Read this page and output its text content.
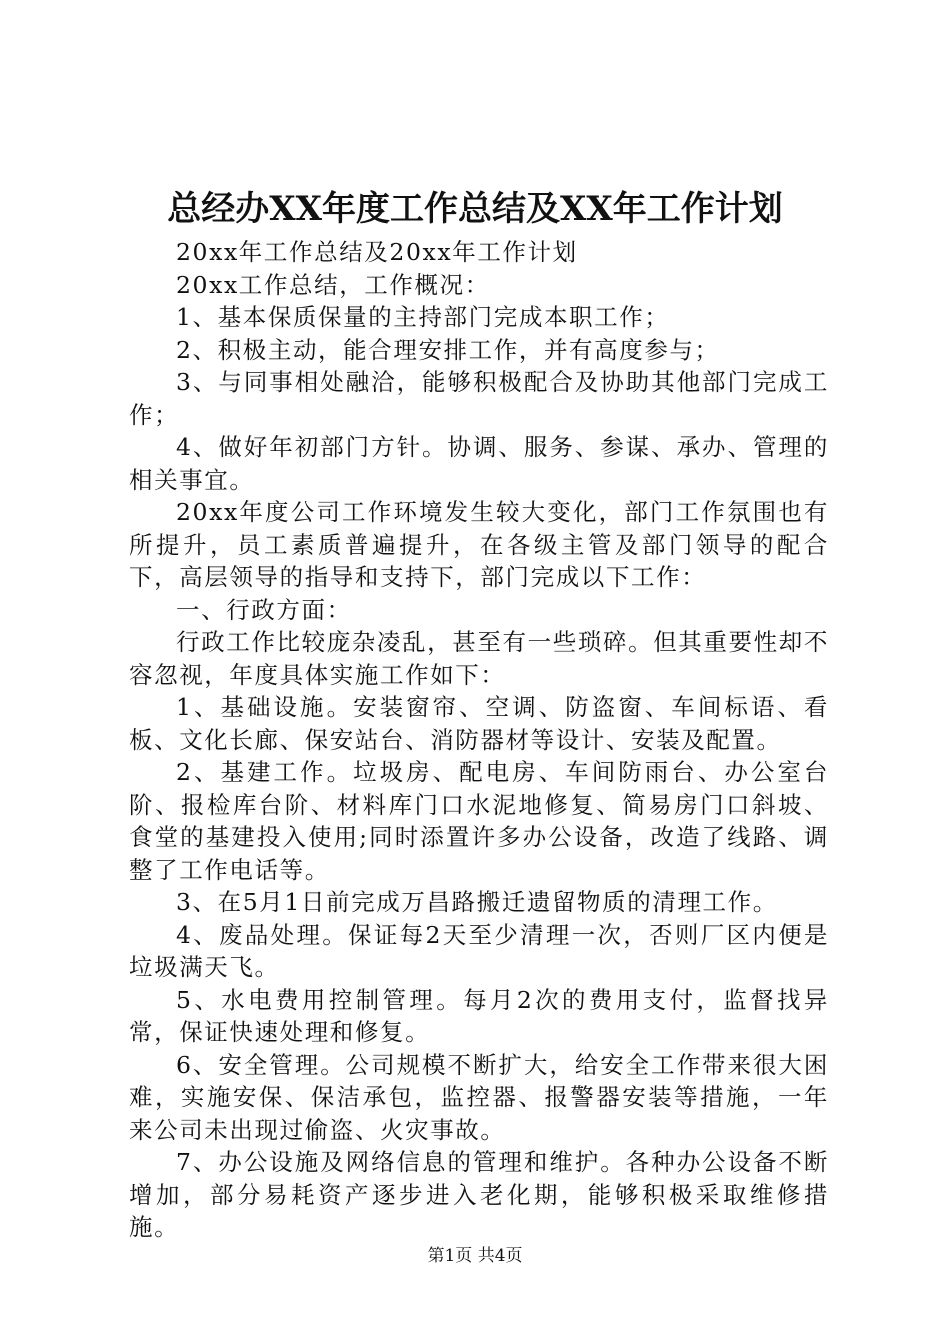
总经办XX年度工作总结及XX年工作计划

20xx年工作总结及20xx年工作计划

20xx工作总结，工作概况：

1、基本保质保量的主持部门完成本职工作；

2、积极主动，能合理安排工作，并有高度参与；

3、与同事相处融洽，能够积极配合及协助其他部门完成工作；

4、做好年初部门方针。协调、服务、参谋、承办、管理的相关事宜。

20xx年度公司工作环境发生较大变化，部门工作氛围也有所提升，员工素质普遍提升，在各级主管及部门领导的配合下，高层领导的指导和支持下，部门完成以下工作：

一、行政方面：

行政工作比较庞杂凌乱，甚至有一些琐碎。但其重要性却不容忽视，年度具体实施工作如下：

1、基础设施。安装窗帘、空调、防盗窗、车间标语、看板、文化长廊、保安站台、消防器材等设计、安装及配置。

2、基建工作。垃圾房、配电房、车间防雨台、办公室台阶、报检库台阶、材料库门口水泥地修复、简易房门口斜坡、食堂的基建投入使用;同时添置许多办公设备，改造了线路、调整了工作电话等。

3、在5月1日前完成万昌路搬迁遗留物质的清理工作。

4、废品处理。保证每2天至少清理一次，否则厂区内便是垃圾满天飞。

5、水电费用控制管理。每月2次的费用支付，监督找异常，保证快速处理和修复。

6、安全管理。公司规模不断扩大，给安全工作带来很大困难，实施安保、保洁承包，监控器、报警器安装等措施，一年来公司未出现过偷盗、火灾事故。

7、办公设施及网络信息的管理和维护。各种办公设备不断增加，部分易耗资产逐步进入老化期，能够积极采取维修措施。

第1页 共4页
